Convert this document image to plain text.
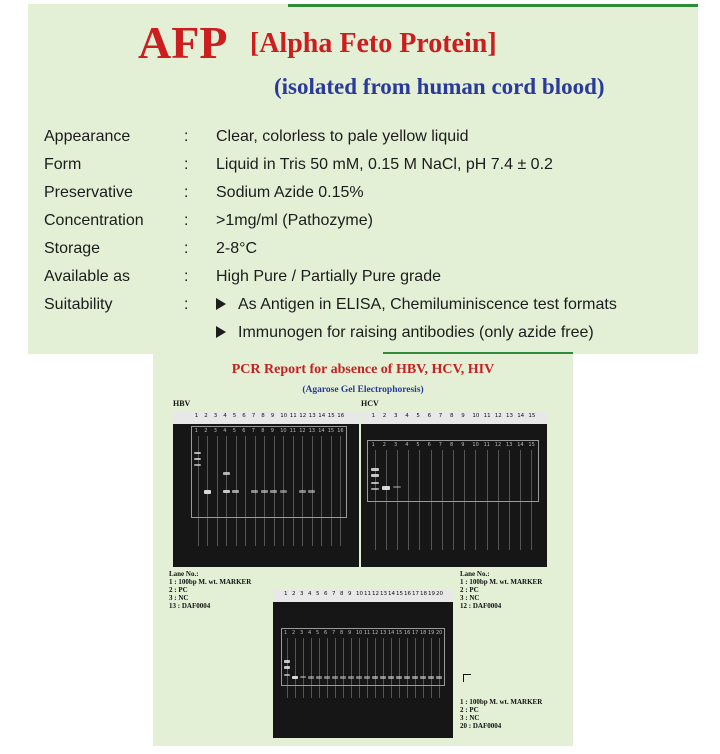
AFP [Alpha Feto Protein]
(isolated from human cord blood)
Appearance	: Clear, colorless to pale yellow liquid
Form	: Liquid in Tris 50 mM, 0.15 M NaCl, pH 7.4 ± 0.2
Preservative	: Sodium Azide 0.15%
Concentration	: >1mg/ml (Pathozyme)
Storage	: 2-8°C
Available as	: High Pure / Partially Pure grade
Suitability	:	As Antigen in ELISA, Chemiluminiscence test formats
Immunogen for raising antibodies (only azide free)
PCR Report for absence of HBV, HCV, HIV
(Agarose Gel Electrophoresis)
HBV	HCV
1 2 3 4 5 6 7 8 9 10 11 12 13 14 15 16
1 2 3 4 5 6 7 8 9 10 11 12 13 14 15 16
1 2 3 4 5 6 7 8 9 10 11 12 13 14 15
1 2 3 4 5 6 7 8 9 10 11 12 13 14 15
1 2 3 4 5 6 7 8 9 10 11 12 13 14 15 16 17 18 19 20
1 2 3 4 5 6 7 8 9 10 11 12 13 14 15 16 17 18 19 20
Lane No.:
1 : 100bp M. wt. MARKER
2 : PC
3 : NC
13 : DAF0004
Lane No.:
1 : 100bp M. wt. MARKER
2 : PC
3 : NC
12 : DAF0004
1 : 100bp M. wt. MARKER
2 : PC
3 : NC
20 : DAF0004
